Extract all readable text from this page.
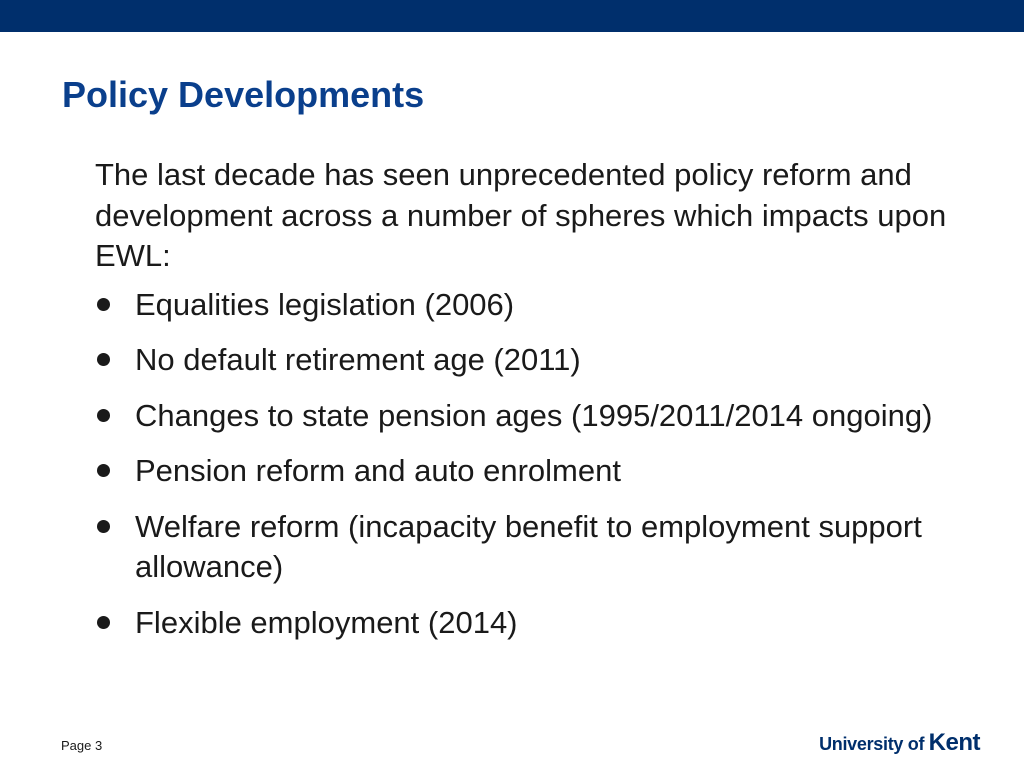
Policy Developments

The last decade has seen unprecedented policy reform and development across a number of spheres which impacts upon EWL:

Equalities legislation (2006)
No default retirement age (2011)
Changes to state pension ages (1995/2011/2014 ongoing)
Pension reform and auto enrolment
Welfare reform (incapacity benefit to employment support allowance)
Flexible employment (2014)
Page 3	University of Kent
